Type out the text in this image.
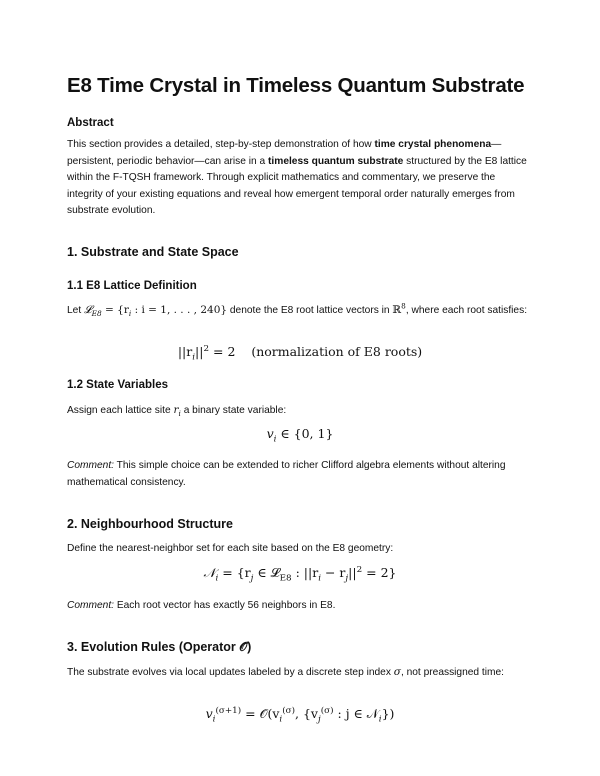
E8 Time Crystal in Timeless Quantum Substrate
Abstract

This section provides a detailed, step-by-step demonstration of how time crystal phenomena—persistent, periodic behavior—can arise in a timeless quantum substrate structured by the E8 lattice within the F-TQSH framework. Through explicit mathematics and commentary, we preserve the integrity of your existing equations and reveal how emergent temporal order naturally emerges from substrate evolution.

1. Substrate and State Space
1.1 E8 Lattice Definition

Let 𝓛$_{E8}$ = {$r_i$ : i = 1, . . . , 240} denote the E8 root lattice vectors in ℝ$^8$, where each root satisfies:

$||r_i||^2 = 2$    (normalization of E8 roots)

1.2 State Variables

Assign each lattice site $r_i$ a binary state variable:

$v_i$ ∈ {0, 1}

Comment: This simple choice can be extended to richer Clifford algebra elements without altering mathematical consistency.

2. Neighbourhood Structure

Define the nearest-neighbor set for each site based on the E8 geometry:

𝒩$_i$ = {$r_j$ ∈ 𝓛$_{E8}$ : $||r_i - r_j||^2 = 2$}

Comment: Each root vector has exactly 56 neighbors in E8.

3. Evolution Rules (Operator 𝒪)

The substrate evolves via local updates labeled by a discrete step index σ, not preassigned time:

$v_i^{(\sigma+1)}$ = $𝒪(v_i^{(\sigma)}$, {$v_j^{(\sigma)}$ : j ∈ 𝒩$_i$})
